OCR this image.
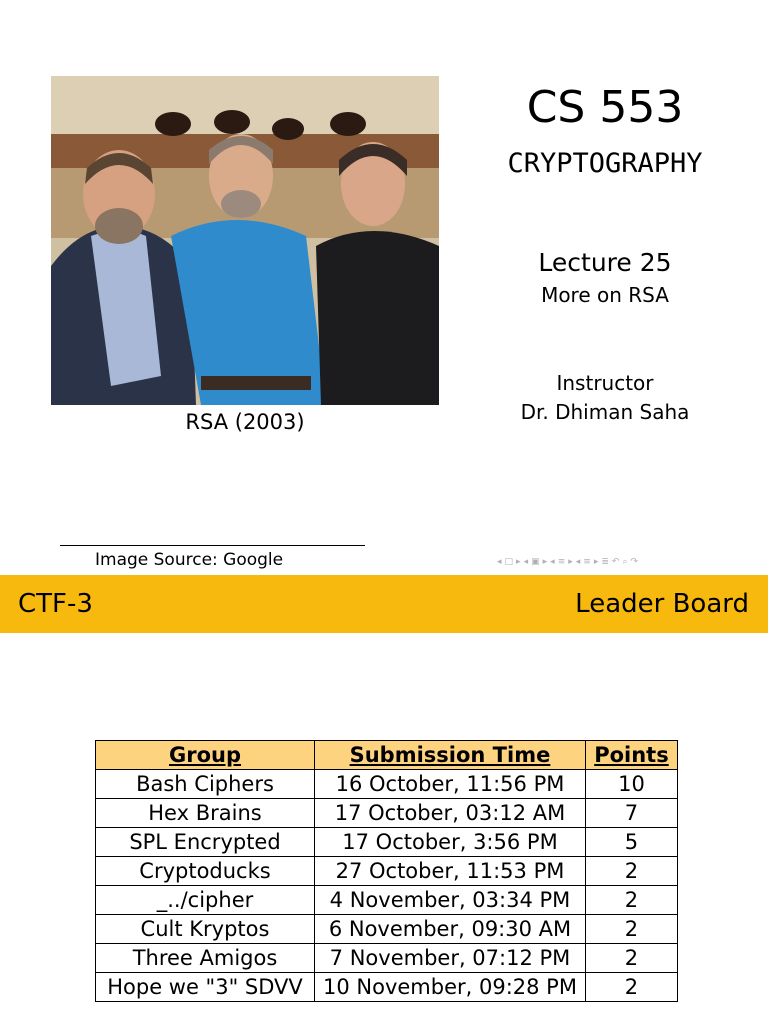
RSA (2003)
CS 553
CRYPTOGRAPHY
Lecture 25
More on RSA
Instructor
Dr. Dhiman Saha
Image Source: Google	◂ □ ▸ ◂ ▣ ▸ ◂ ≡ ▸ ◂ ≡ ▸ ≣ ↶ ⌕ ↷
CTF-3	Leader Board
Group	Submission Time	Points
Bash Ciphers	16 October, 11:56 PM	10
Hex Brains	17 October, 03:12 AM	7
SPL Encrypted	17 October, 3:56 PM	5
Cryptoducks	27 October, 11:53 PM	2
_../cipher	4 November, 03:34 PM	2
Cult Kryptos	6 November, 09:30 AM	2
Three Amigos	7 November, 07:12 PM	2
Hope we "3" SDVV	10 November, 09:28 PM	2
